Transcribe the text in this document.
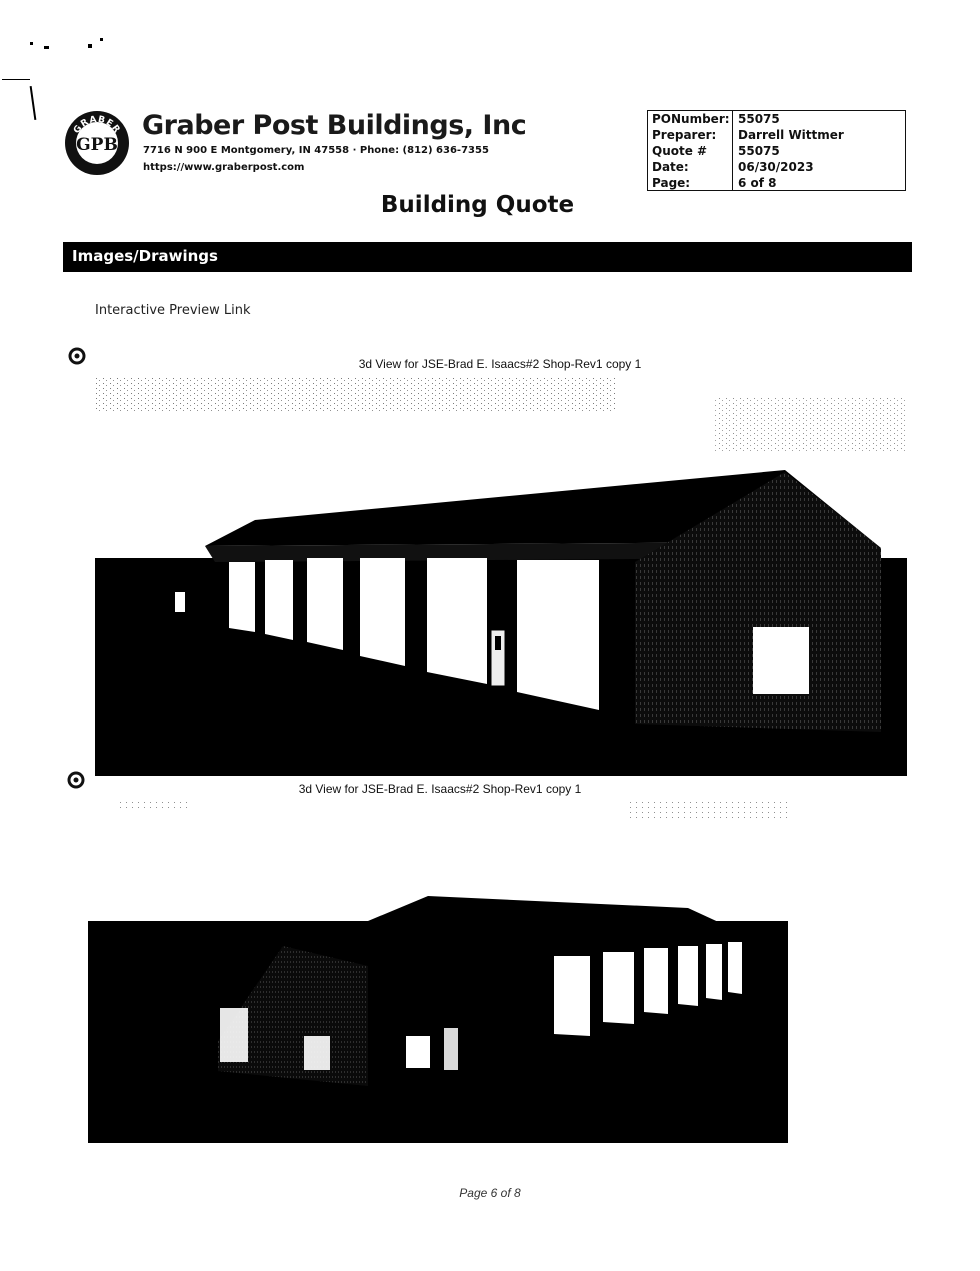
GRABER
GPB
Graber Post Buildings, Inc
7716 N 900 E Montgomery, IN 47558 · Phone: (812) 636-7355
https://www.graberpost.com
PONumber: 55075
Preparer:	Darrell Wittmer
Quote #	55075
Date:	06/30/2023
Page:	6 of 8
Building Quote
Images/Drawings
Interactive Preview Link
3d View for JSE-Brad E. Isaacs#2 Shop-Rev1 copy 1
3d View for JSE-Brad E. Isaacs#2 Shop-Rev1 copy 1
Page 6 of 8
